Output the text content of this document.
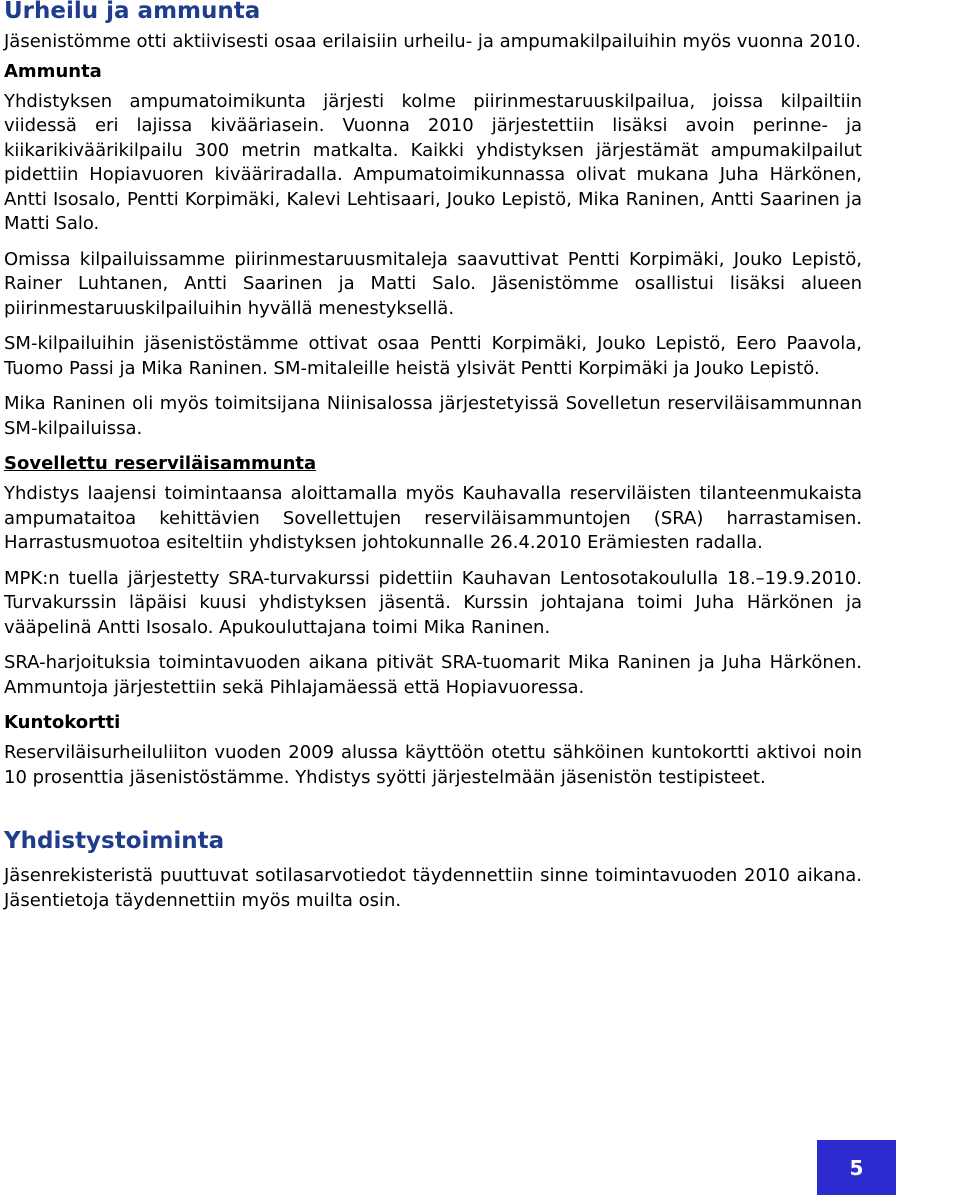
Urheilu ja ammunta

Jäsenistömme otti aktiivisesti osaa erilaisiin urheilu- ja ampumakilpailuihin myös vuonna 2010.

Ammunta

Yhdistyksen ampumatoimikunta järjesti kolme piirinmestaruuskilpailua, joissa kilpailtiin viidessä eri lajissa kivääriasein. Vuonna 2010 järjestettiin lisäksi avoin perinne- ja kiikarikiväärikilpailu 300 metrin matkalta. Kaikki yhdistyksen järjestämät ampumakilpailut pidettiin Hopiavuoren kivääriradalla. Ampumatoimikunnassa olivat mukana Juha Härkönen, Antti Isosalo, Pentti Korpimäki, Kalevi Lehtisaari, Jouko Lepistö, Mika Raninen, Antti Saarinen ja Matti Salo.

Omissa kilpailuissamme piirinmestaruusmitaleja saavuttivat Pentti Korpimäki, Jouko Lepistö, Rainer Luhtanen, Antti Saarinen ja Matti Salo. Jäsenistömme osallistui lisäksi alueen piirinmestaruuskilpailuihin hyvällä menestyksellä.

SM-kilpailuihin jäsenistöstämme ottivat osaa Pentti Korpimäki, Jouko Lepistö, Eero Paavola, Tuomo Passi ja Mika Raninen. SM-mitaleille heistä ylsivät Pentti Korpimäki ja Jouko Lepistö.

Mika Raninen oli myös toimitsijana Niinisalossa järjestetyissä Sovelletun reserviläisammunnan SM-kilpailuissa.

Sovellettu reserviläisammunta

Yhdistys laajensi toimintaansa aloittamalla myös Kauhavalla reserviläisten tilanteenmukaista ampumataitoa kehittävien Sovellettujen reserviläisammuntojen (SRA) harrastamisen. Harrastusmuotoa esiteltiin yhdistyksen johtokunnalle 26.4.2010 Erämiesten radalla.

MPK:n tuella järjestetty SRA-turvakurssi pidettiin Kauhavan Lentosotakoululla 18.–19.9.2010. Turvakurssin läpäisi kuusi yhdistyksen jäsentä. Kurssin johtajana toimi Juha Härkönen ja vääpelinä Antti Isosalo. Apukouluttajana toimi Mika Raninen.

SRA-harjoituksia toimintavuoden aikana pitivät SRA-tuomarit Mika Raninen ja Juha Härkönen. Ammuntoja järjestettiin sekä Pihlajamäessä että Hopiavuoressa.

Kuntokortti

Reserviläisurheiluliiton vuoden 2009 alussa käyttöön otettu sähköinen kuntokortti aktivoi noin 10 prosenttia jäsenistöstämme. Yhdistys syötti järjestelmään jäsenistön testipisteet.

Yhdistystoiminta

Jäsenrekisteristä puuttuvat sotilasarvotiedot täydennettiin sinne toimintavuoden 2010 aikana. Jäsentietoja täydennettiin myös muilta osin.

5
